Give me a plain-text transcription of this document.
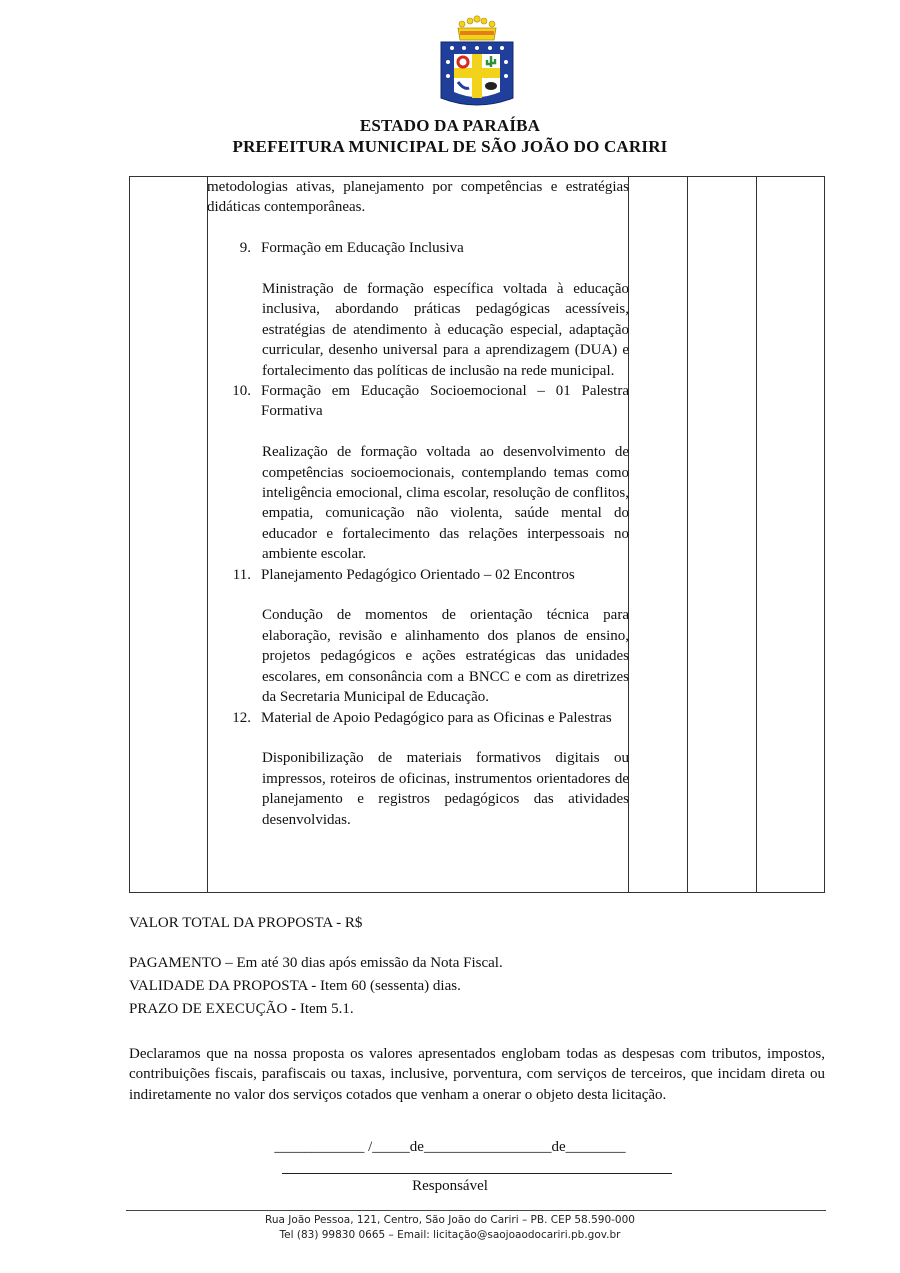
ESTADO DA PARAÍBA
PREFEITURA MUNICIPAL DE SÃO JOÃO DO CARIRI

metodologias ativas, planejamento por competências e estratégias didáticas contemporâneas.

9. Formação em Educação Inclusiva

Ministração de formação específica voltada à educação inclusiva, abordando práticas pedagógicas acessíveis, estratégias de atendimento à educação especial, adaptação curricular, desenho universal para a aprendizagem (DUA) e fortalecimento das políticas de inclusão na rede municipal.

10. Formação em Educação Socioemocional – 01 Palestra Formativa

Realização de formação voltada ao desenvolvimento de competências socioemocionais, contemplando temas como inteligência emocional, clima escolar, resolução de conflitos, empatia, comunicação não violenta, saúde mental do educador e fortalecimento das relações interpessoais no ambiente escolar.

11. Planejamento Pedagógico Orientado – 02 Encontros

Condução de momentos de orientação técnica para elaboração, revisão e alinhamento dos planos de ensino, projetos pedagógicos e ações estratégicas das unidades escolares, em consonância com a BNCC e com as diretrizes da Secretaria Municipal de Educação.

12. Material de Apoio Pedagógico para as Oficinas e Palestras

Disponibilização de materiais formativos digitais ou impressos, roteiros de oficinas, instrumentos orientadores de planejamento e registros pedagógicos das atividades desenvolvidas.

VALOR TOTAL DA PROPOSTA - R$
PAGAMENTO – Em até 30 dias após emissão da Nota Fiscal.
VALIDADE DA PROPOSTA - Item 60 (sessenta) dias.
PRAZO DE EXECUÇÃO - Item 5.1.
Declaramos que na nossa proposta os valores apresentados englobam todas as despesas com tributos, impostos, contribuições fiscais, parafiscais ou taxas, inclusive, porventura, com serviços de terceiros, que incidam direta ou indiretamente no valor dos serviços cotados que venham a onerar o objeto desta licitação.
____________ /_____de_________________de________
Responsável
Rua João Pessoa, 121, Centro, São João do Cariri – PB. CEP 58.590-000
Tel (83) 99830 0665 – Email: licitação@saojoaodocariri.pb.gov.br
